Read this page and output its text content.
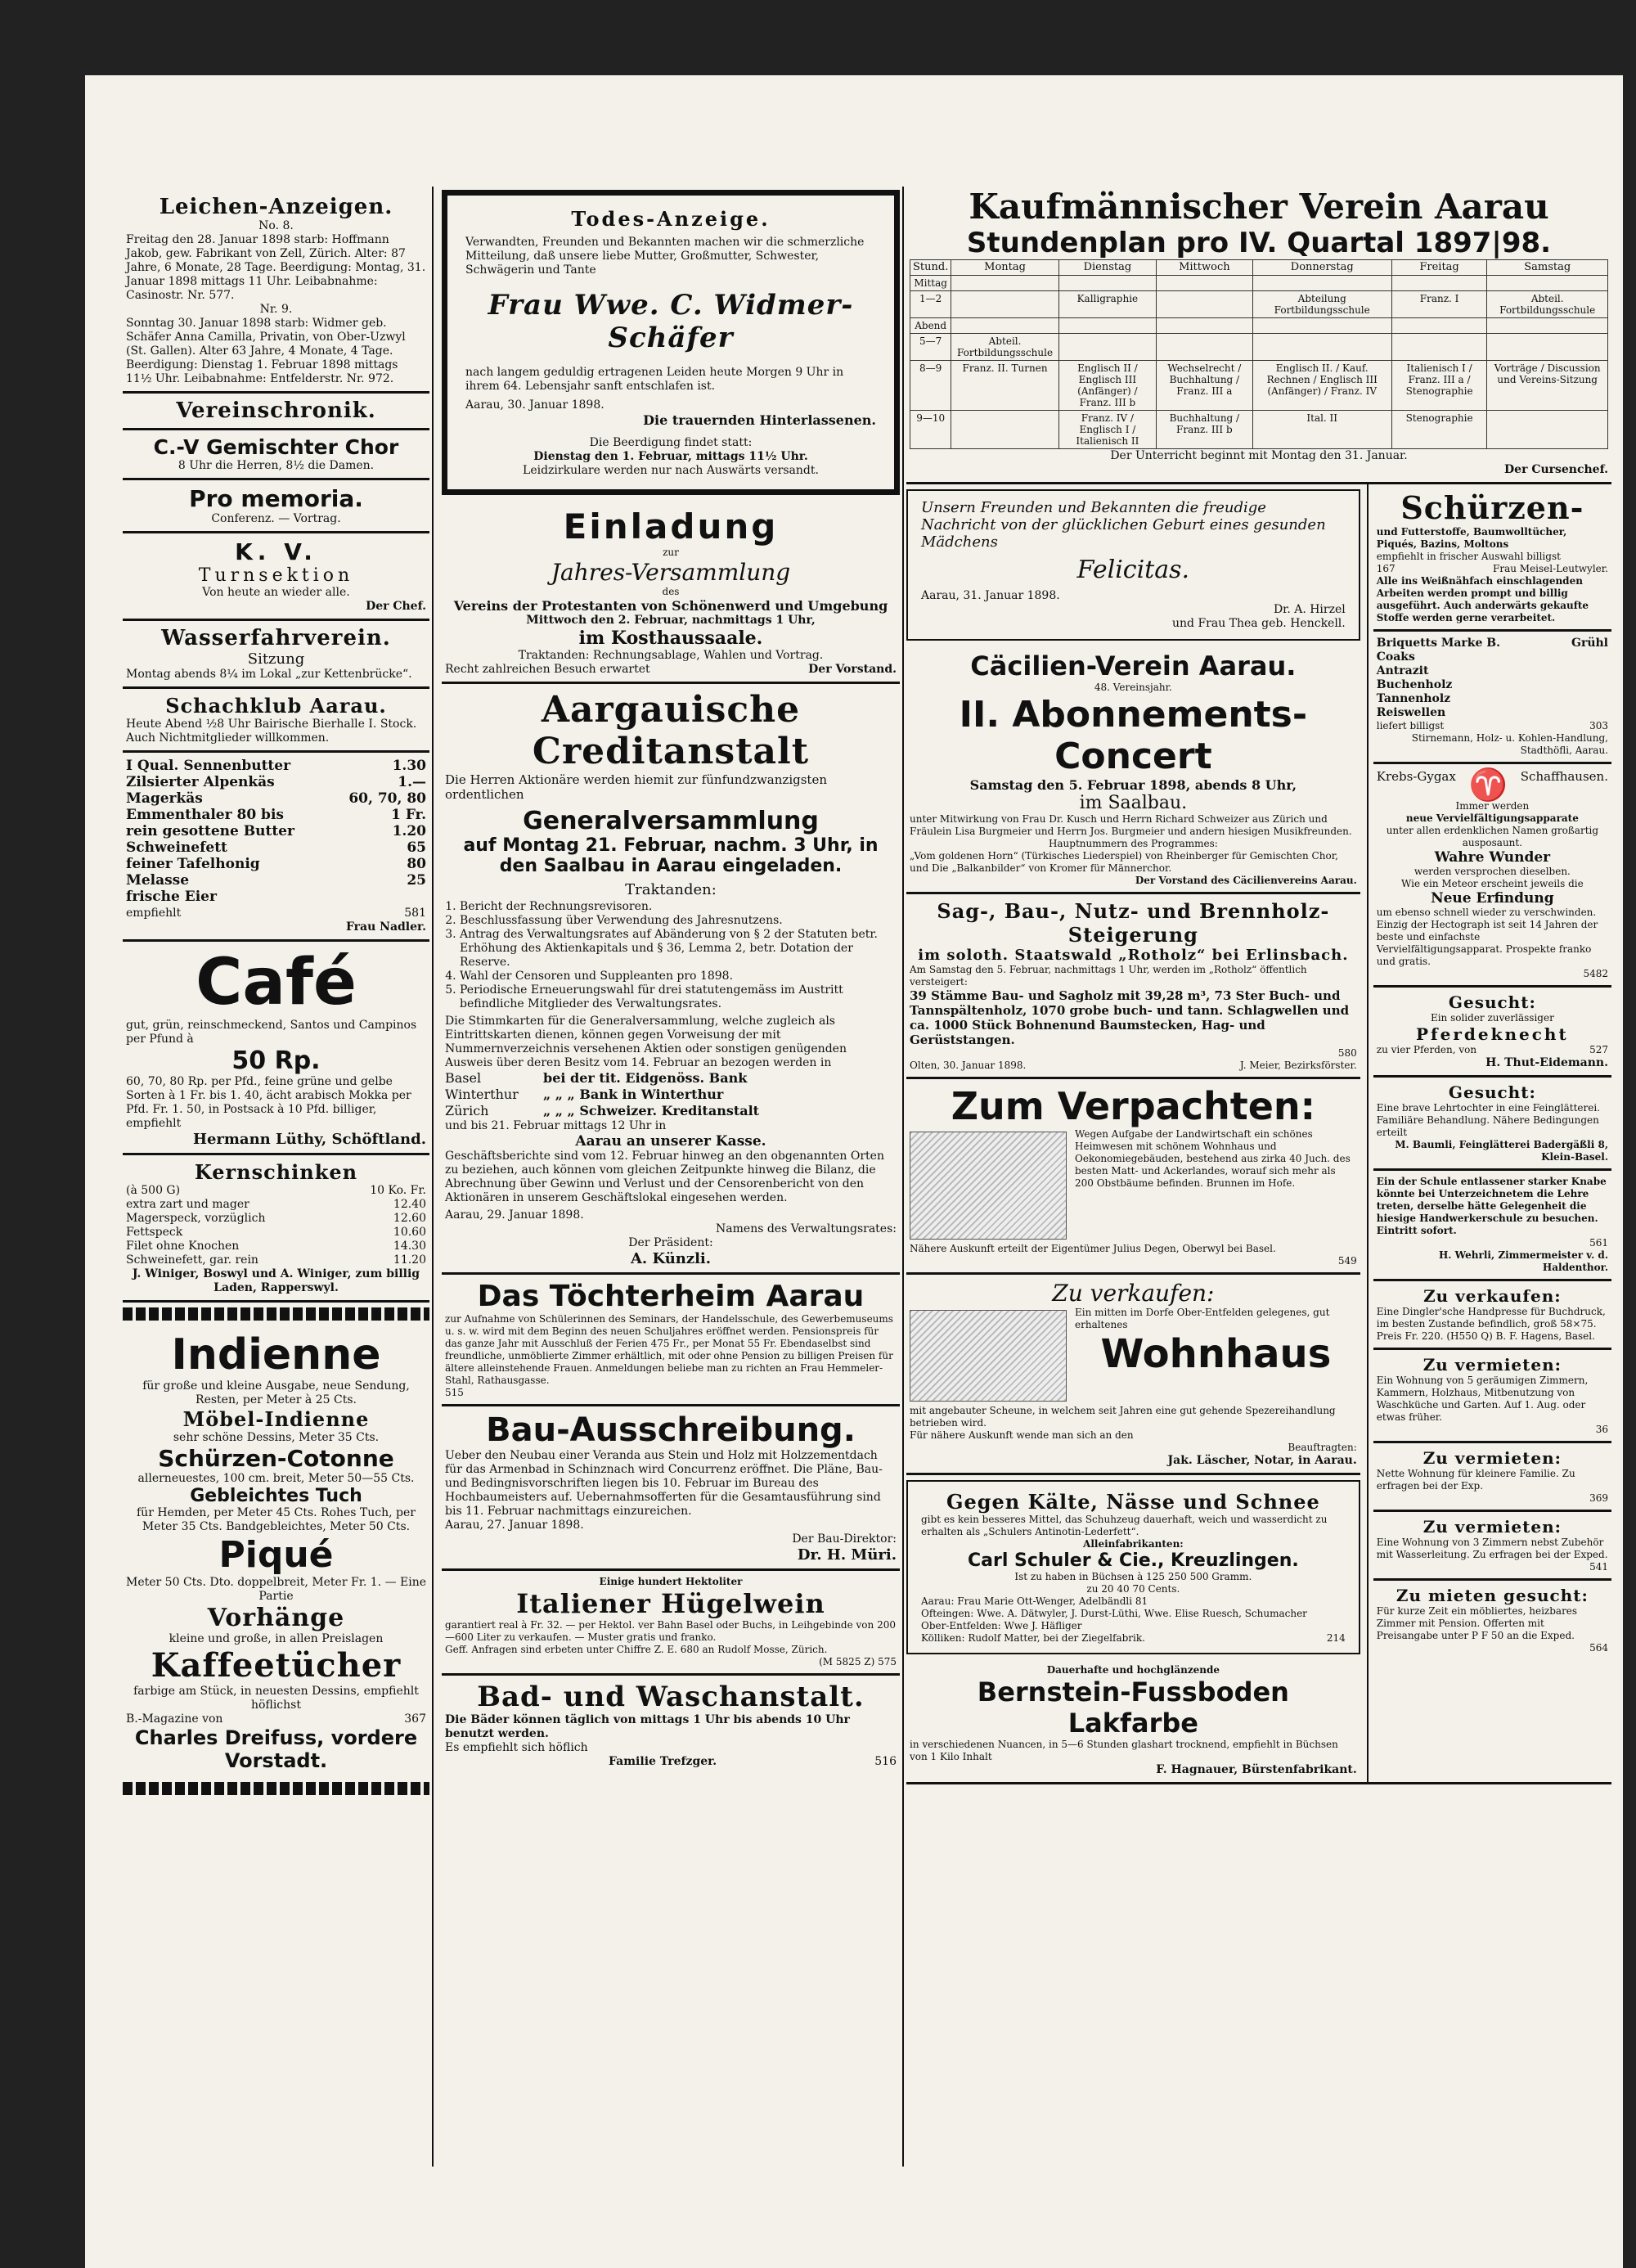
Leichen-Anzeigen.
No. 8.
Freitag den 28. Januar 1898 starb: Hoffmann Jakob, gew. Fabrikant von Zell, Zürich. Alter: 87 Jahre, 6 Monate, 28 Tage. Beerdigung: Montag, 31. Januar 1898 mittags 11 Uhr. Leibabnahme: Casinostr. Nr. 577.
Nr. 9.
Sonntag 30. Januar 1898 starb: Widmer geb. Schäfer Anna Camilla, Privatin, von Ober-Uzwyl (St. Gallen). Alter 63 Jahre, 4 Monate, 4 Tage. Beerdigung: Dienstag 1. Februar 1898 mittags 11½ Uhr. Leibabnahme: Entfelderstr. Nr. 972.
Vereinschronik.
C.-V Gemischter Chor
8 Uhr die Herren, 8½ die Damen.
Pro memoria.
Conferenz. — Vortrag.
K. V.
Turnsektion
Von heute an wieder alle.
Der Chef.
Wasserfahrverein.
Sitzung
Montag abends 8¼ im Lokal „zur Kettenbrücke“.
Schachklub Aarau.
Heute Abend ½8 Uhr Bairische Bierhalle I. Stock. Auch Nichtmitglieder willkommen.
I Qual. Sennenbutter	1.30
Zilsierter Alpenkäs	1.—
Magerkäs	60, 70, 80
Emmenthaler 80 bis	1 Fr.
rein gesottene Butter	1.20
Schweinefett	65
feiner Tafelhonig	80
Melasse	25
frische Eier
empfiehlt	581
Frau Nadler.
Café
gut, grün, reinschmeckend, Santos und Campinos per Pfund à
50 Rp.
60, 70, 80 Rp. per Pfd., feine grüne und gelbe Sorten à 1 Fr. bis 1. 40, ächt arabisch Mokka per Pfd. Fr. 1. 50, in Postsack à 10 Pfd. billiger, empfiehlt
Hermann Lüthy, Schöftland.
Kernschinken
(à 500 G)	10 Ko. Fr.
extra zart und mager	12.40
Magerspeck, vorzüglich	12.60
Fettspeck	10.60
Filet ohne Knochen	14.30
Schweinefett, gar. rein	11.20
J. Winiger, Boswyl und A. Winiger, zum billig Laden, Rapperswyl.
Indienne
für große und kleine Ausgabe, neue Sendung, Resten, per Meter à 25 Cts.
Möbel-Indienne
sehr schöne Dessins, Meter 35 Cts.
Schürzen-Cotonne
allerneuestes, 100 cm. breit, Meter 50—55 Cts.
Gebleichtes Tuch
für Hemden, per Meter 45 Cts. Rohes Tuch, per Meter 35 Cts. Bandgebleichtes, Meter 50 Cts.
Piqué
Meter 50 Cts. Dto. doppelbreit, Meter Fr. 1. — Eine Partie
Vorhänge
kleine und große, in allen Preislagen
Kaffeetücher
farbige am Stück, in neuesten Dessins, empfiehlt höflichst
B.-Magazine von	367
Charles Dreifuss, vordere Vorstadt.
Todes-Anzeige.
Verwandten, Freunden und Bekannten machen wir die schmerzliche Mitteilung, daß unsere liebe Mutter, Großmutter, Schwester, Schwägerin und Tante
Frau Wwe. C. Widmer-Schäfer
nach langem geduldig ertragenen Leiden heute Morgen 9 Uhr in ihrem 64. Lebensjahr sanft entschlafen ist.
Aarau, 30. Januar 1898.
Die trauernden Hinterlassenen.
Die Beerdigung findet statt:
Dienstag den 1. Februar, mittags 11½ Uhr.
Leidzirkulare werden nur nach Auswärts versandt.
Einladung
zur
Jahres-Versammlung
des
Vereins der Protestanten von Schönenwerd und Umgebung
Mittwoch den 2. Februar, nachmittags 1 Uhr,
im Kosthaussaale.
Traktanden: Rechnungsablage, Wahlen und Vortrag.
Recht zahlreichen Besuch erwartet	Der Vorstand.
Aargauische Creditanstalt
Die Herren Aktionäre werden hiemit zur fünfundzwanzigsten ordentlichen
Generalversammlung
auf Montag 21. Februar, nachm. 3 Uhr, in den Saalbau in Aarau eingeladen.
Traktanden:
1. Bericht der Rechnungsrevisoren.
2. Beschlussfassung über Verwendung des Jahresnutzens.
3. Antrag des Verwaltungsrates auf Abänderung von § 2 der Statuten betr. Erhöhung des Aktienkapitals und § 36, Lemma 2, betr. Dotation der Reserve.
4. Wahl der Censoren und Suppleanten pro 1898.
5. Periodische Erneuerungswahl für drei statutengemäss im Austritt befindliche Mitglieder des Verwaltungsrates.
Die Stimmkarten für die Generalversammlung, welche zugleich als Eintrittskarten dienen, können gegen Vorweisung der mit Nummernverzeichnis versehenen Aktien oder sonstigen genügenden Ausweis über deren Besitz vom 14. Februar an bezogen werden in
Basel	bei der tit. Eidgenöss. Bank
Winterthur	„ „ „ Bank in Winterthur
Zürich	„ „ „ Schweizer. Kreditanstalt
und bis 21. Februar mittags 12 Uhr in
Aarau an unserer Kasse.
Geschäftsberichte sind vom 12. Februar hinweg an den obgenannten Orten zu beziehen, auch können vom gleichen Zeitpunkte hinweg die Bilanz, die Abrechnung über Gewinn und Verlust und der Censorenbericht von den Aktionären in unserem Geschäftslokal eingesehen werden.
Aarau, 29. Januar 1898.
Namens des Verwaltungsrates:
Der Präsident:
A. Künzli.
Das Töchterheim Aarau
zur Aufnahme von Schülerinnen des Seminars, der Handelsschule, des Gewerbemuseums u. s. w. wird mit dem Beginn des neuen Schuljahres eröffnet werden. Pensionspreis für das ganze Jahr mit Ausschluß der Ferien 475 Fr., per Monat 55 Fr. Ebendaselbst sind freundliche, unmöblierte Zimmer erhältlich, mit oder ohne Pension zu billigen Preisen für ältere alleinstehende Frauen. Anmeldungen beliebe man zu richten an Frau Hemmeler-Stahl, Rathausgasse.
515
Bau-Ausschreibung.
Ueber den Neubau einer Veranda aus Stein und Holz mit Holzzementdach für das Armenbad in Schinznach wird Concurrenz eröffnet. Die Pläne, Bau- und Bedingnisvorschriften liegen bis 10. Februar im Bureau des Hochbaumeisters auf. Uebernahmsofferten für die Gesamtausführung sind bis 11. Februar nachmittags einzureichen.
Aarau, 27. Januar 1898.
Der Bau-Direktor:
Dr. H. Müri.
Einige hundert Hektoliter
Italiener Hügelwein
garantiert real à Fr. 32. — per Hektol. ver Bahn Basel oder Buchs, in Leihgebinde von 200—600 Liter zu verkaufen. — Muster gratis und franko.
Geff. Anfragen sind erbeten unter Chiffre Z. E. 680 an Rudolf Mosse, Zürich.
(M 5825 Z) 575
Bad- und Waschanstalt.
Die Bäder können täglich von mittags 1 Uhr bis abends 10 Uhr benutzt werden.
Es empfiehlt sich höflich
Familie Trefzger.	516
Kaufmännischer Verein Aarau
Stundenplan pro IV. Quartal 1897|98.
Stund.	Montag	Dienstag	Mittwoch	Donnerstag	Freitag	Samstag
Mittag						
1—2		Kalligraphie		Abteilung Fortbildungsschule	Franz. I	Abteil. Fortbildungsschule
Abend						
5—7	Abteil. Fortbildungsschule					
8—9	Franz. II. Turnen	Englisch II / Englisch III (Anfänger) / Franz. III b	Wechselrecht / Buchhaltung / Franz. III a	Englisch II. / Kauf. Rechnen / Englisch III (Anfänger) / Franz. IV	Italienisch I / Franz. III a / Stenographie	Vorträge / Discussion und Vereins-Sitzung
9—10		Franz. IV / Englisch I / Italienisch II	Buchhaltung / Franz. III b	Ital. II	Stenographie	
Der Unterricht beginnt mit Montag den 31. Januar.
Der Cursenchef.
Unsern Freunden und Bekannten die freudige Nachricht von der glücklichen Geburt eines gesunden Mädchens
Felicitas.
Aarau, 31. Januar 1898.
Dr. A. Hirzel
und Frau Thea geb. Henckell.
Cäcilien-Verein Aarau.
48. Vereinsjahr.
II. Abonnements-Concert
Samstag den 5. Februar 1898, abends 8 Uhr,
im Saalbau.
unter Mitwirkung von Frau Dr. Kusch und Herrn Richard Schweizer aus Zürich und Fräulein Lisa Burgmeier und Herrn Jos. Burgmeier und andern hiesigen Musikfreunden.
Hauptnummern des Programmes:
„Vom goldenen Horn“ (Türkisches Liederspiel) von Rheinberger für Gemischten Chor, und Die „Balkanbilder“ von Kromer für Männerchor.
Der Vorstand des Cäcilienvereins Aarau.
Sag-, Bau-, Nutz- und Brennholz-Steigerung
im soloth. Staatswald „Rotholz“ bei Erlinsbach.
Am Samstag den 5. Februar, nachmittags 1 Uhr, werden im „Rotholz“ öffentlich versteigert:
39 Stämme Bau- und Sagholz mit 39,28 m³, 73 Ster Buch- und Tannspältenholz, 1070 grobe buch- und tann. Schlagwellen und ca. 1000 Stück Bohnenund Baumstecken, Hag- und Gerüststangen.
580
Olten, 30. Januar 1898.	J. Meier, Bezirksförster.
Zum Verpachten:
Wegen Aufgabe der Landwirtschaft ein schönes Heimwesen mit schönem Wohnhaus und Oekonomiegebäuden, bestehend aus zirka 40 Juch. des besten Matt- und Ackerlandes, worauf sich mehr als 200 Obstbäume befinden. Brunnen im Hofe.
Nähere Auskunft erteilt der Eigentümer Julius Degen, Oberwyl bei Basel.
549
Zu verkaufen:
Ein mitten im Dorfe Ober-Entfelden gelegenes, gut erhaltenes
Wohnhaus
mit angebauter Scheune, in welchem seit Jahren eine gut gehende Spezereihandlung betrieben wird.
Für nähere Auskunft wende man sich an den
Beauftragten:
Jak. Läscher, Notar, in Aarau.
Gegen Kälte, Nässe und Schnee
gibt es kein besseres Mittel, das Schuhzeug dauerhaft, weich und wasserdicht zu erhalten als „Schulers Antinotin-Lederfett“.
Alleinfabrikanten:
Carl Schuler & Cie., Kreuzlingen.
Ist zu haben in Büchsen à 125 250 500 Gramm.
zu 20 40 70 Cents.
Aarau: Frau Marie Ott-Wenger, Adelbändli 81
Ofteingen: Wwe. A. Dätwyler, J. Durst-Lüthi, Wwe. Elise Ruesch, Schumacher
Ober-Entfelden: Wwe J. Häfliger
Kölliken: Rudolf Matter, bei der Ziegelfabrik.	214
Dauerhafte und hochglänzende
Bernstein-Fussboden Lakfarbe
in verschiedenen Nuancen, in 5—6 Stunden glashart trocknend, empfiehlt in Büchsen von 1 Kilo Inhalt
F. Hagnauer, Bürstenfabrikant.
Schürzen-
und Futterstoffe, Baumwolltücher, Piqués, Bazins, Moltons
empfiehlt in frischer Auswahl billigst
167	Frau Meisel-Leutwyler.
Alle ins Weißnähfach einschlagenden Arbeiten werden prompt und billig ausgeführt. Auch anderwärts gekaufte Stoffe werden gerne verarbeitet.
Briquetts Marke B.	Grühl
Coaks
Antrazit
Buchenholz
Tannenholz
Reiswellen
liefert billigst	303
Stirnemann, Holz- u. Kohlen-Handlung, Stadthöfli, Aarau.
Krebs-Gygax ♈ Schaffhausen.
Immer werden
neue Vervielfältigungsapparate
unter allen erdenklichen Namen großartig ausposaunt.
Wahre Wunder
werden versprochen dieselben.
Wie ein Meteor erscheint jeweils die
Neue Erfindung
um ebenso schnell wieder zu verschwinden. Einzig der Hectograph ist seit 14 Jahren der beste und einfachste Vervielfältigungsapparat. Prospekte franko und gratis.
5482
Gesucht:
Ein solider zuverlässiger
Pferdeknecht
zu vier Pferden, von	527
H. Thut-Eidemann.
Gesucht:
Eine brave Lehrtochter in eine Feinglätterei. Familiäre Behandlung. Nähere Bedingungen erteilt
M. Baumli, Feinglätterei Badergäßli 8, Klein-Basel.
Ein der Schule entlassener starker Knabe könnte bei Unterzeichnetem die Lehre treten, derselbe hätte Gelegenheit die hiesige Handwerkerschule zu besuchen. Eintritt sofort.
561
H. Wehrli, Zimmermeister v. d. Haldenthor.
Zu verkaufen:
Eine Dingler'sche Handpresse für Buchdruck, im besten Zustande befindlich, groß 58×75. Preis Fr. 220. (H550 Q) B. F. Hagens, Basel.
Zu vermieten:
Ein Wohnung von 5 geräumigen Zimmern, Kammern, Holzhaus, Mitbenutzung von Waschküche und Garten. Auf 1. Aug. oder etwas früher.
36
Zu vermieten:
Nette Wohnung für kleinere Familie. Zu erfragen bei der Exp.
369
Zu vermieten:
Eine Wohnung von 3 Zimmern nebst Zubehör mit Wasserleitung. Zu erfragen bei der Exped.
541
Zu mieten gesucht:
Für kurze Zeit ein möbliertes, heizbares Zimmer mit Pension. Offerten mit Preisangabe unter P F 50 an die Exped.
564
